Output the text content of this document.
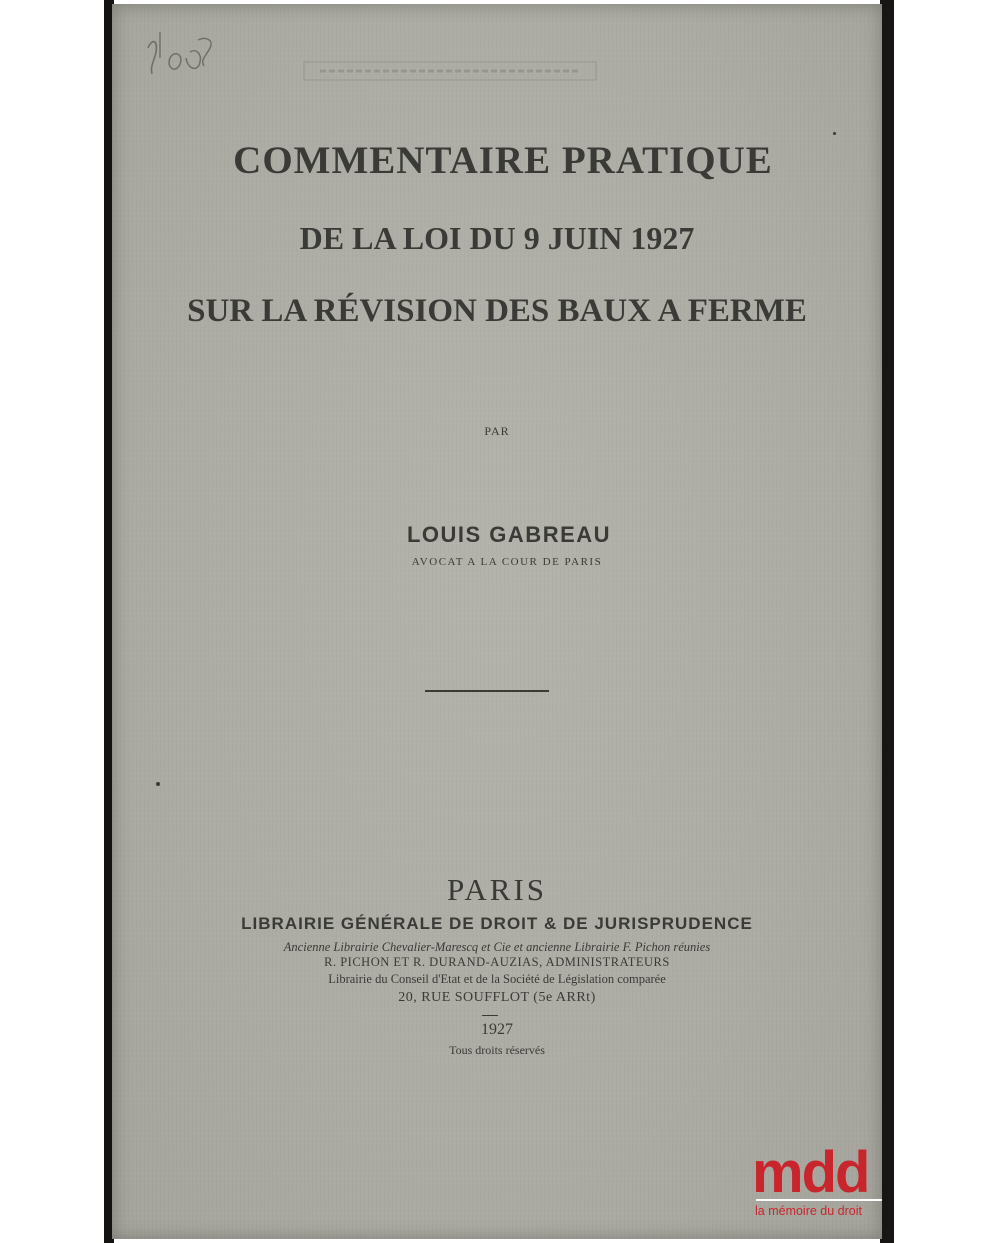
COMMENTAIRE PRATIQUE
DE LA LOI DU 9 JUIN 1927
SUR LA RÉVISION DES BAUX A FERME
PAR
LOUIS GABREAU
AVOCAT A LA COUR DE PARIS
PARIS
LIBRAIRIE GÉNÉRALE DE DROIT & DE JURISPRUDENCE
Ancienne Librairie Chevalier-Marescq et Cie et ancienne Librairie F. Pichon réunies
R. PICHON ET R. DURAND-AUZIAS, ADMINISTRATEURS
Librairie du Conseil d'Etat et de la Société de Législation comparée
20, RUE SOUFFLOT (5e ARRt)
1927
Tous droits réservés
mdd
la mémoire du droit
